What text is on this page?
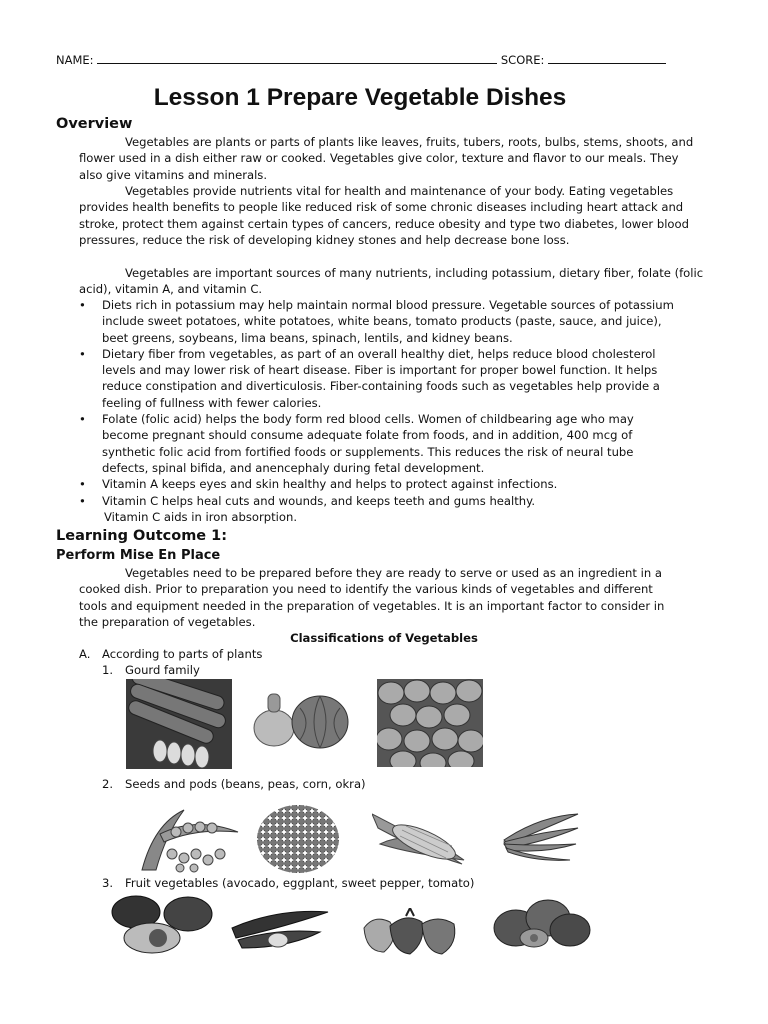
NAME:	SCORE:
Lesson 1 Prepare Vegetable Dishes
Overview

Vegetables are plants or parts of plants like leaves, fruits, tubers, roots, bulbs, stems, shoots, and flower used in a dish either raw or cooked. Vegetables give color, texture and flavor to our meals. They also give vitamins and minerals.

Vegetables provide nutrients vital for health and maintenance of your body. Eating vegetables provides health benefits to people like reduced risk of some chronic diseases including heart attack and stroke, protect them against certain types of cancers, reduce obesity and type two diabetes, lower blood pressures, reduce the risk of developing kidney stones and help decrease bone loss.

Vegetables are important sources of many nutrients, including potassium, dietary fiber, folate (folic acid), vitamin A, and vitamin C.

• Diets rich in potassium may help maintain normal blood pressure. Vegetable sources of potassium include sweet potatoes, white potatoes, white beans, tomato products (paste, sauce, and juice), beet greens, soybeans, lima beans, spinach, lentils, and kidney beans.
• Dietary fiber from vegetables, as part of an overall healthy diet, helps reduce blood cholesterol levels and may lower risk of heart disease. Fiber is important for proper bowel function. It helps reduce constipation and diverticulosis. Fiber-containing foods such as vegetables help provide a feeling of fullness with fewer calories.
• Folate (folic acid) helps the body form red blood cells. Women of childbearing age who may become pregnant should consume adequate folate from foods, and in addition, 400 mcg of synthetic folic acid from fortified foods or supplements. This reduces the risk of neural tube defects, spinal bifida, and anencephaly during fetal development.
• Vitamin A keeps eyes and skin healthy and helps to protect against infections.
• Vitamin C helps heal cuts and wounds, and keeps teeth and gums healthy.

Vitamin C aids in iron absorption.

Learning Outcome 1:
Perform Mise En Place

Vegetables need to be prepared before they are ready to serve or used as an ingredient in a cooked dish. Prior to preparation you need to identify the various kinds of vegetables and different tools and equipment needed in the preparation of vegetables. It is an important factor to consider in the preparation of vegetables.

Classifications of Vegetables

A. According to parts of plants

1. Gourd family

2. Seeds and pods (beans, peas, corn, okra)

3. Fruit vegetables (avocado, eggplant, sweet pepper, tomato)
